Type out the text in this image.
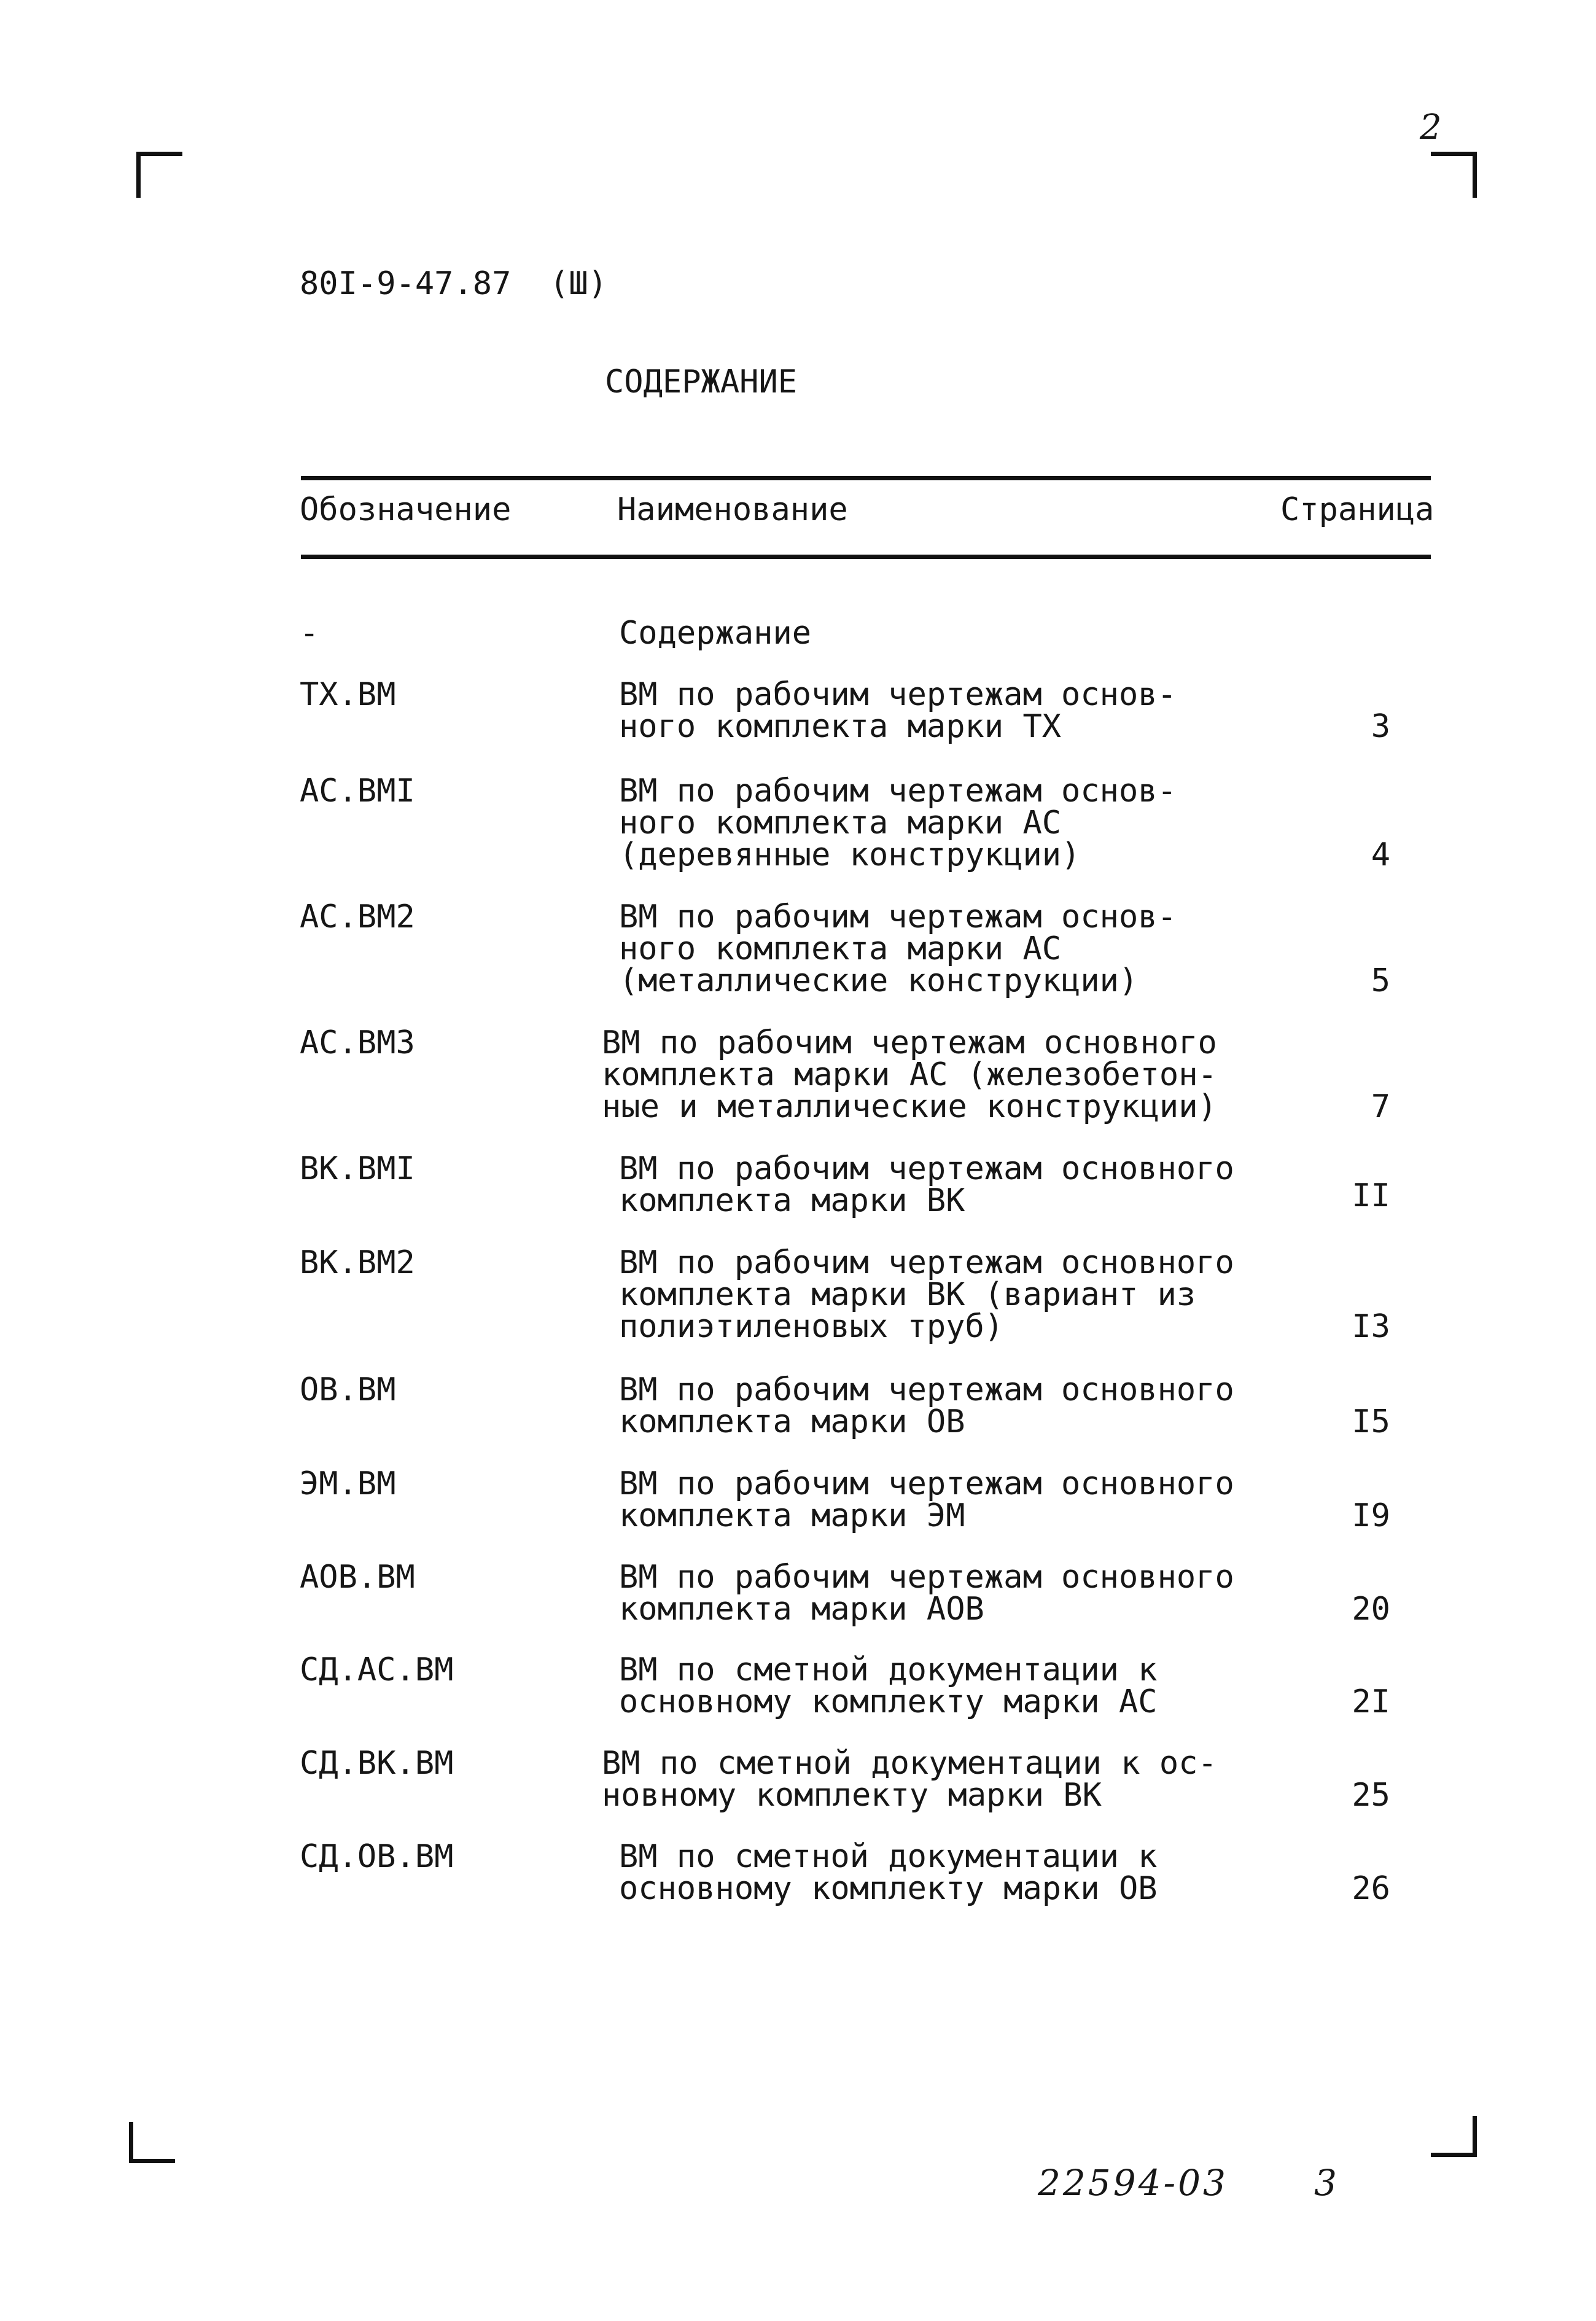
2
80I-9-47.87  (Ш)
СОДЕРЖАНИЕ
Обозначение	Наименование	Страница
-	Содержание
ТХ.ВМ	ВМ по рабочим чертежам основ-
ного комплекта марки ТХ	3
АС.ВМI	ВМ по рабочим чертежам основ-
ного комплекта марки АС
(деревянные конструкции)	4
АС.ВМ2	ВМ по рабочим чертежам основ-
ного комплекта марки АС
(металлические конструкции)	5
АС.ВМ3	ВМ по рабочим чертежам основного
комплекта марки АС (железобетон-
ные и металлические конструкции)	7
ВК.ВМI	ВМ по рабочим чертежам основного
комплекта марки ВК	II
ВК.ВМ2	ВМ по рабочим чертежам основного
комплекта марки ВК (вариант из
полиэтиленовых труб)	I3
ОВ.ВМ	ВМ по рабочим чертежам основного
комплекта марки ОВ	I5
ЭМ.ВМ	ВМ по рабочим чертежам основного
комплекта марки ЭМ	I9
АОВ.ВМ	ВМ по рабочим чертежам основного
комплекта марки АОВ	20
СД.АС.ВМ	ВМ по сметной документации к
основному комплекту марки АС	2I
СД.ВК.ВМ	ВМ по сметной документации к ос-
новному комплекту марки ВК	25
СД.ОВ.ВМ	ВМ по сметной документации к
основному комплекту марки ОВ	26
22594-03 3
